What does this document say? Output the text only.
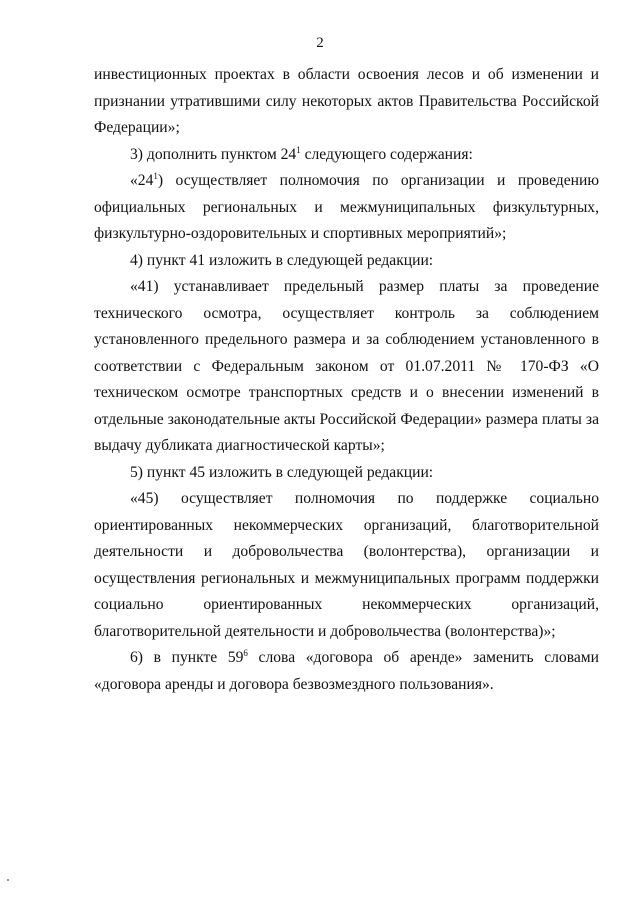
2

инвестиционных проектах в области освоения лесов и об изменении и признании утратившими силу некоторых актов Правительства Российской Федерации»;

3) дополнить пунктом $24^1$ следующего содержания:

«$24^1$) осуществляет полномочия по организации и проведению официальных региональных и межмуниципальных физкультурных, физкультурно-оздоровительных и спортивных мероприятий»;

4) пункт 41 изложить в следующей редакции:

«41) устанавливает предельный размер платы за проведение технического осмотра, осуществляет контроль за соблюдением установленного предельного размера и за соблюдением установленного в соответствии с Федеральным законом от 01.07.2011 № 170-ФЗ «О техническом осмотре транспортных средств и о внесении изменений в отдельные законодательные акты Российской Федерации» размера платы за выдачу дубликата диагностической карты»;

5) пункт 45 изложить в следующей редакции:

«45) осуществляет полномочия по поддержке социально ориентированных некоммерческих организаций, благотворительной деятельности и добровольчества (волонтерства), организации и осуществления региональных и межмуниципальных программ поддержки социально ориентированных некоммерческих организаций, благотворительной деятельности и добровольчества (волонтерства)»;

6) в пункте $59^6$ слова «договора об аренде» заменить словами «договора аренды и договора безвозмездного пользования».
